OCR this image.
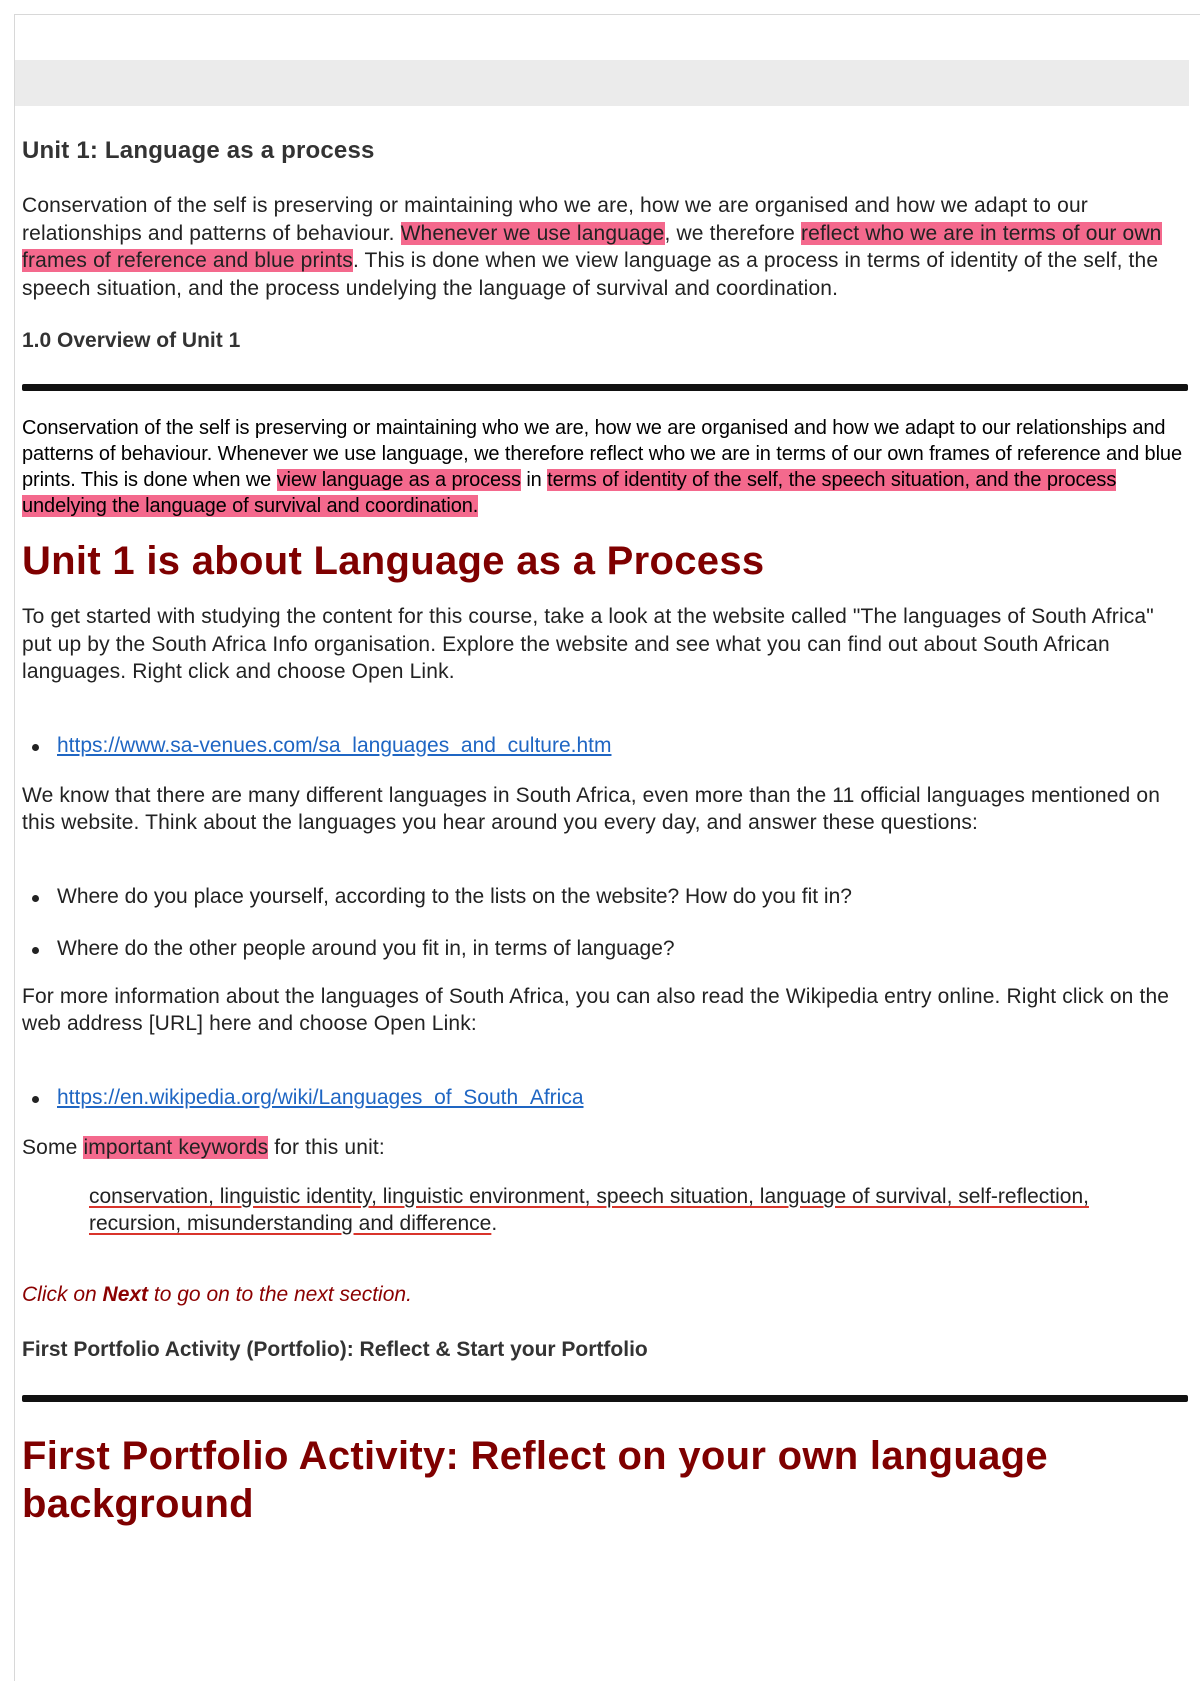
Unit 1: Language as a process

Conservation of the self is preserving or maintaining who we are, how we are organised and how we adapt to our relationships and patterns of behaviour. Whenever we use language, we therefore reflect who we are in terms of our own frames of reference and blue prints. This is done when we view language as a process in terms of identity of the self, the speech situation, and the process undelying the language of survival and coordination.

1.0 Overview of Unit 1

Conservation of the self is preserving or maintaining who we are, how we are organised and how we adapt to our relationships and patterns of behaviour. Whenever we use language, we therefore reflect who we are in terms of our own frames of reference and blue prints. This is done when we view language as a process in terms of identity of the self, the speech situation, and the process undelying the language of survival and coordination.

Unit 1 is about Language as a Process

To get started with studying the content for this course, take a look at the website called "The languages of South Africa" put up by the South Africa Info organisation. Explore the website and see what you can find out about South African languages. Right click and choose Open Link.

https://www.sa-venues.com/sa_languages_and_culture.htm

We know that there are many different languages in South Africa, even more than the 11 official languages mentioned on this website. Think about the languages you hear around you every day, and answer these questions:

Where do you place yourself, according to the lists on the website? How do you fit in?
Where do the other people around you fit in, in terms of language?

For more information about the languages of South Africa, you can also read the Wikipedia entry online. Right click on the web address [URL] here and choose Open Link:

https://en.wikipedia.org/wiki/Languages_of_South_Africa

Some important keywords for this unit:

conservation, linguistic identity, linguistic environment, speech situation, language of survival, self-reflection, recursion, misunderstanding and difference.

Click on Next to go on to the next section.

First Portfolio Activity (Portfolio): Reflect & Start your Portfolio

First Portfolio Activity: Reflect on your own language background
